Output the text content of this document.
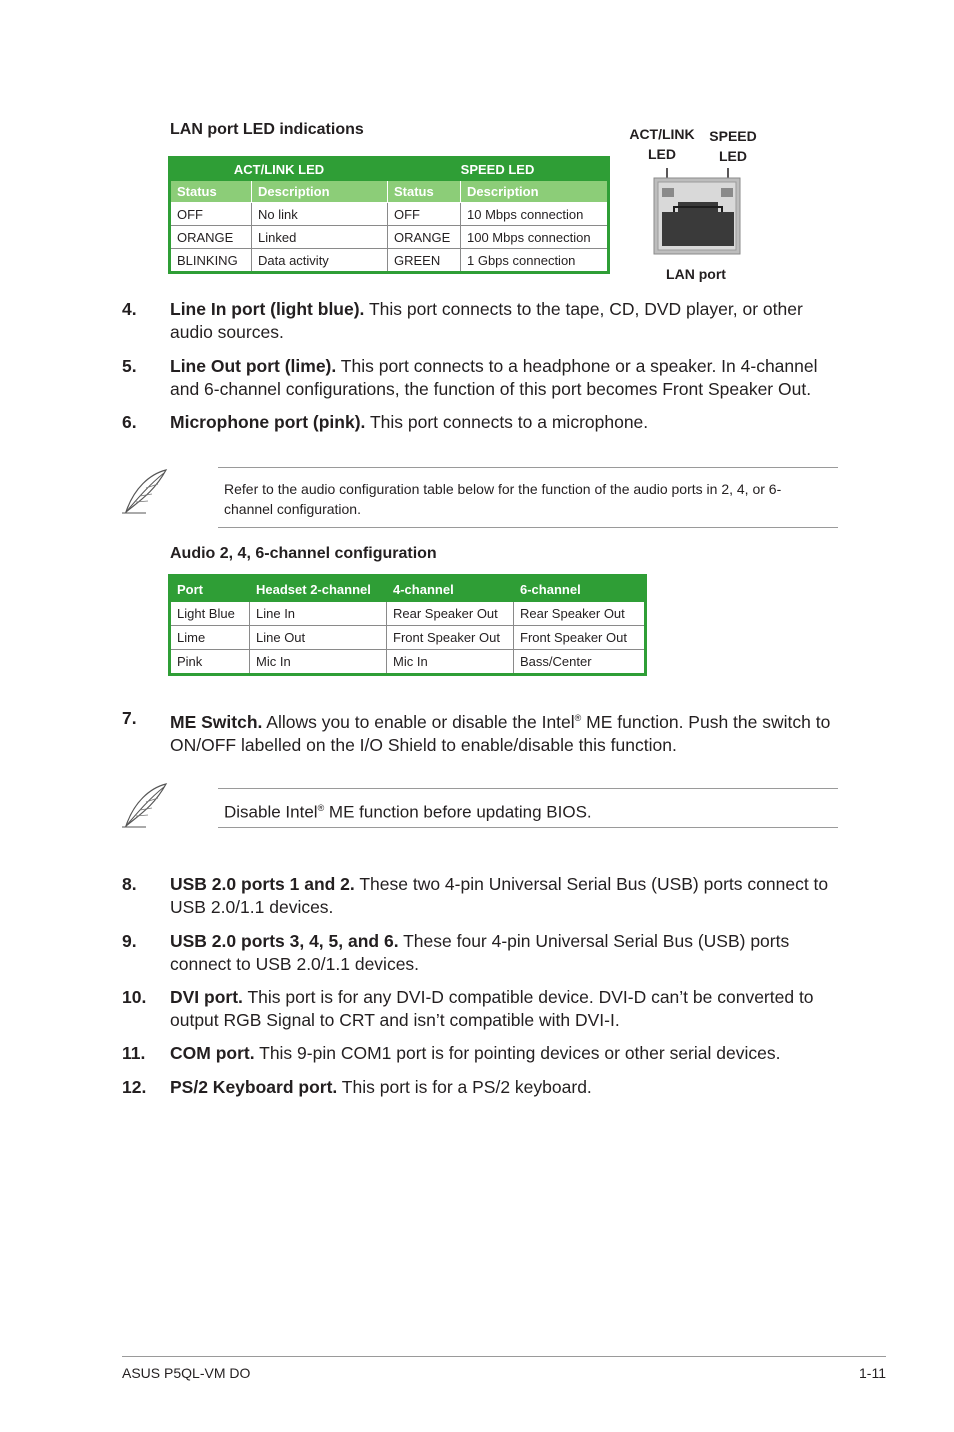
LAN port LED indications
ACT/LINK LED		SPEED LED	
Status	Description	Status	Description
OFF	No link	OFF	10 Mbps connection
ORANGE	Linked	ORANGE	100 Mbps connection
BLINKING	Data activity	GREEN	1 Gbps connection
ACT/LINK
LED
SPEED
LED
LAN port
4. Line In port (light blue). This port connects to the tape, CD, DVD player, or other audio sources.
5. Line Out port (lime). This port connects to a headphone or a speaker. In 4-channel and 6-channel configurations, the function of this port becomes Front Speaker Out.
6. Microphone port (pink). This port connects to a microphone.
Refer to the audio configuration table below for the function of the audio ports in 2, 4, or 6-channel configuration.
Audio 2, 4, 6-channel configuration
Port	Headset 2-channel	4-channel	6-channel
Light Blue	Line In	Rear Speaker Out	Rear Speaker Out
Lime	Line Out	Front Speaker Out	Front Speaker Out
Pink	Mic In	Mic In	Bass/Center
7. ME Switch. Allows you to enable or disable the Intel® ME function. Push the switch to ON/OFF labelled on the I/O Shield to enable/disable this function.
Disable Intel® ME function before updating BIOS.
8. USB 2.0 ports 1 and 2. These two 4-pin Universal Serial Bus (USB) ports connect to USB 2.0/1.1 devices.
9. USB 2.0 ports 3, 4, 5, and 6. These four 4-pin Universal Serial Bus (USB) ports connect to USB 2.0/1.1 devices.
10. DVI port. This port is for any DVI-D compatible device. DVI-D can’t be converted to output RGB Signal to CRT and isn’t compatible with DVI-I.
11. COM port. This 9-pin COM1 port is for pointing devices or other serial devices.
12. PS/2 Keyboard port. This port is for a PS/2 keyboard.
ASUS P5QL-VM DO	1-11
